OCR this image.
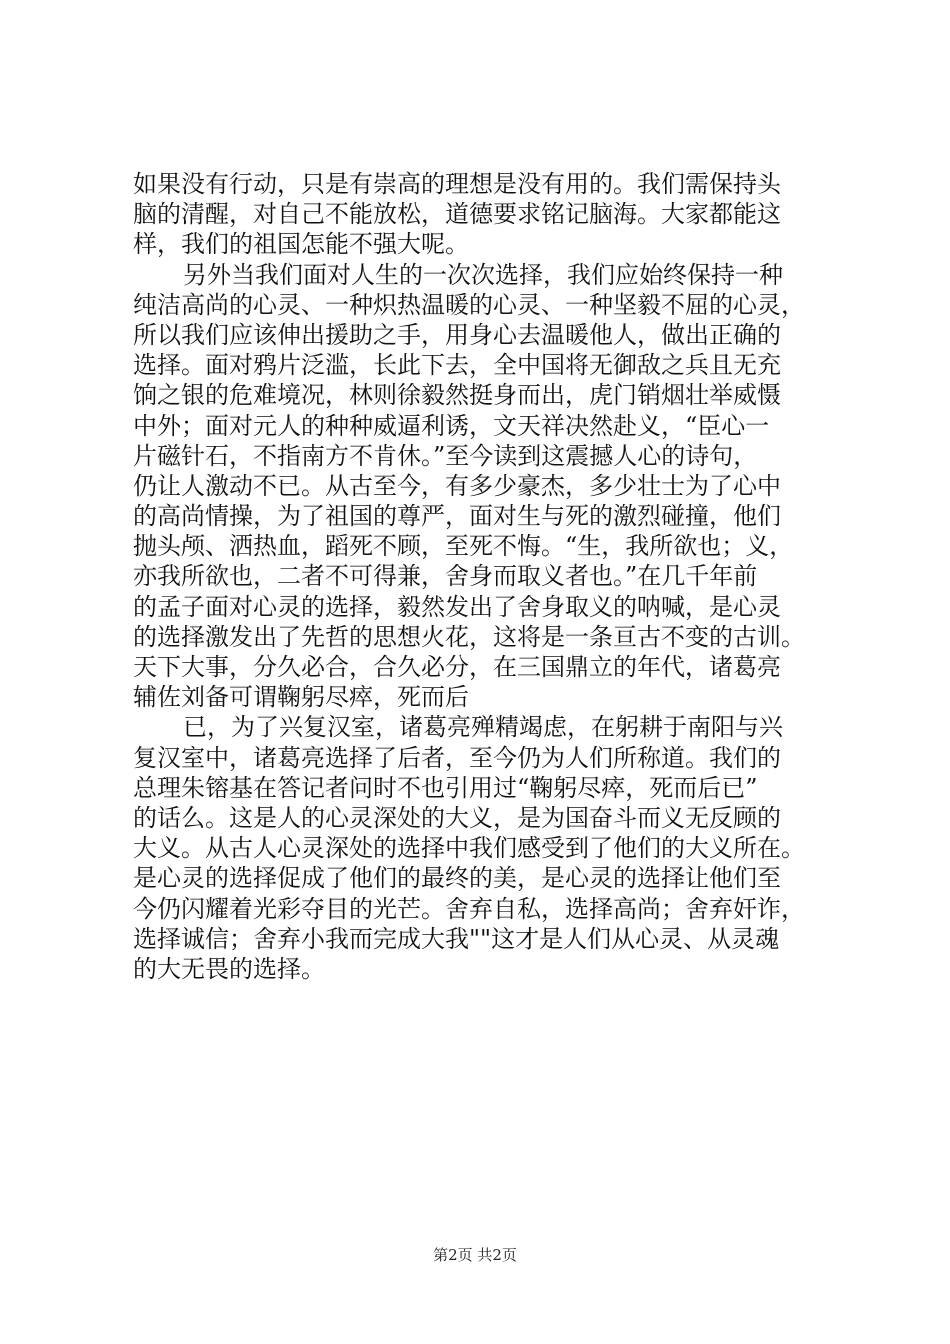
如果没有行动，只是有崇高的理想是没有用的。我们需保持头
脑的清醒，对自己不能放松，道德要求铭记脑海。大家都能这
样，我们的祖国怎能不强大呢。
另外当我们面对人生的一次次选择，我们应始终保持一种
纯洁高尚的心灵、一种炽热温暖的心灵、一种坚毅不屈的心灵，
所以我们应该伸出援助之手，用身心去温暖他人，做出正确的
选择。面对鸦片泛滥，长此下去，全中国将无御敌之兵且无充
饷之银的危难境况，林则徐毅然挺身而出，虎门销烟壮举威慑
中外；面对元人的种种威逼利诱，文天祥决然赴义，“臣心一
片磁针石，不指南方不肯休。”至今读到这震撼人心的诗句，
仍让人激动不已。从古至今，有多少豪杰，多少壮士为了心中
的高尚情操，为了祖国的尊严，面对生与死的激烈碰撞，他们
抛头颅、洒热血，蹈死不顾，至死不悔。“生，我所欲也；义，
亦我所欲也，二者不可得兼，舍身而取义者也。”在几千年前
的孟子面对心灵的选择，毅然发出了舍身取义的呐喊，是心灵
的选择激发出了先哲的思想火花，这将是一条亘古不变的古训。
天下大事，分久必合，合久必分，在三国鼎立的年代，诸葛亮
辅佐刘备可谓鞠躬尽瘁，死而后
已，为了兴复汉室，诸葛亮殚精竭虑，在躬耕于南阳与兴
复汉室中，诸葛亮选择了后者，至今仍为人们所称道。我们的
总理朱镕基在答记者问时不也引用过“鞠躬尽瘁，死而后已”
的话么。这是人的心灵深处的大义，是为国奋斗而义无反顾的
大义。从古人心灵深处的选择中我们感受到了他们的大义所在。
是心灵的选择促成了他们的最终的美，是心灵的选择让他们至
今仍闪耀着光彩夺目的光芒。舍弃自私，选择高尚；舍弃奸诈，
选择诚信；舍弃小我而完成大我""这才是人们从心灵、从灵魂
的大无畏的选择。
第2页 共2页
